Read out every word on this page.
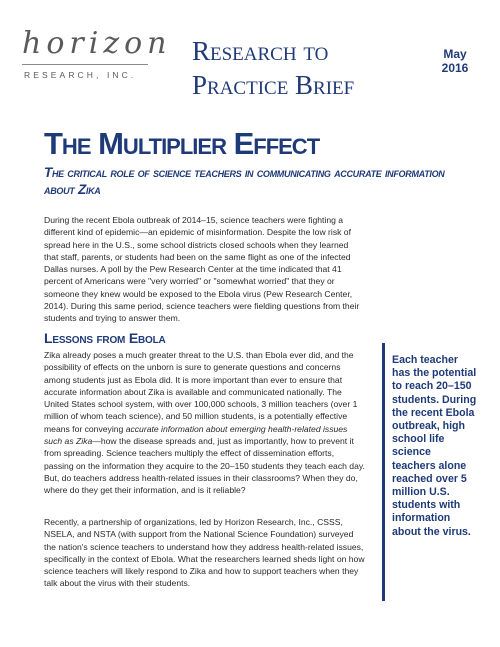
horizon
RESEARCH, INC.
Research to
Practice Brief
May
2016
The Multiplier Effect
The critical role of science teachers in communicating accurate information about Zika
During the recent Ebola outbreak of 2014–15, science teachers were fighting a different kind of epidemic—an epidemic of misinformation. Despite the low risk of spread here in the U.S., some school districts closed schools when they learned that staff, parents, or students had been on the same flight as one of the infected Dallas nurses. A poll by the Pew Research Center at the time indicated that 41 percent of Americans were "very worried" or "somewhat worried" that they or someone they knew would be exposed to the Ebola virus (Pew Research Center, 2014). During this same period, science teachers were fielding questions from their students and trying to answer them.
Lessons from Ebola
Zika already poses a much greater threat to the U.S. than Ebola ever did, and the possibility of effects on the unborn is sure to generate questions and concerns among students just as Ebola did. It is more important than ever to ensure that accurate information about Zika is available and communicated nationally. The United States school system, with over 100,000 schools, 3 million teachers (over 1 million of whom teach science), and 50 million students, is a potentially effective means for conveying accurate information about emerging health-related issues such as Zika—how the disease spreads and, just as importantly, how to prevent it from spreading. Science teachers multiply the effect of dissemination efforts, passing on the information they acquire to the 20–150 students they teach each day. But, do teachers address health-related issues in their classrooms? When they do, where do they get their information, and is it reliable?
Recently, a partnership of organizations, led by Horizon Research, Inc., CSSS, NSELA, and NSTA (with support from the National Science Foundation) surveyed the nation's science teachers to understand how they address health-related issues, specifically in the context of Ebola. What the researchers learned sheds light on how science teachers will likely respond to Zika and how to support teachers when they talk about the virus with their students.
Each teacher has the potential to reach 20–150 students. During the recent Ebola outbreak, high school life science teachers alone reached over 5 million U.S. students with information about the virus.
